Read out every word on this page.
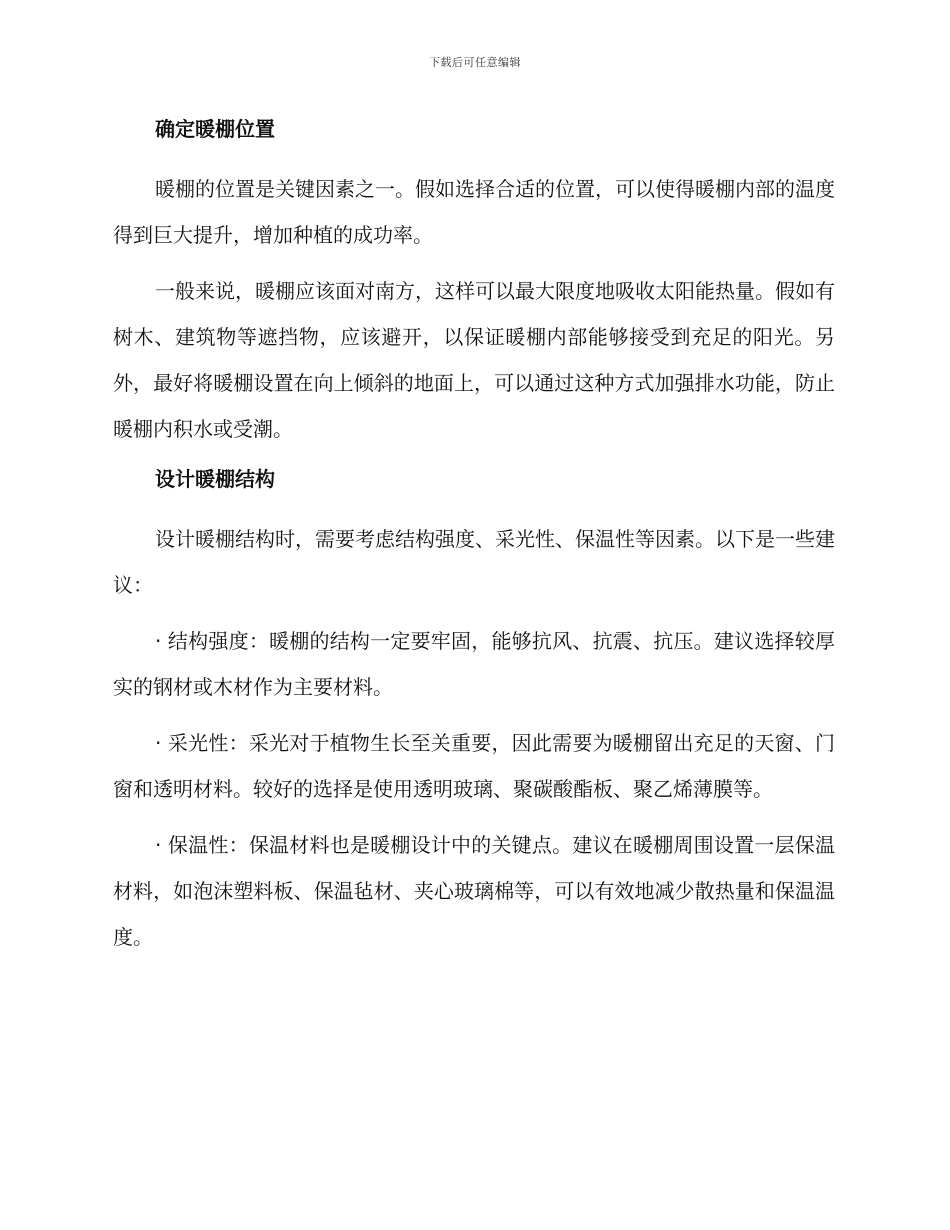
下载后可任意编辑
确定暖棚位置

暖棚的位置是关键因素之一。假如选择合适的位置，可以使得暖棚内部的温度得到巨大提升，增加种植的成功率。

一般来说，暖棚应该面对南方，这样可以最大限度地吸收太阳能热量。假如有树木、建筑物等遮挡物，应该避开，以保证暖棚内部能够接受到充足的阳光。另外，最好将暖棚设置在向上倾斜的地面上，可以通过这种方式加强排水功能，防止暖棚内积水或受潮。

设计暖棚结构

设计暖棚结构时，需要考虑结构强度、采光性、保温性等因素。以下是一些建议：

· 结构强度：暖棚的结构一定要牢固，能够抗风、抗震、抗压。建议选择较厚实的钢材或木材作为主要材料。

· 采光性：采光对于植物生长至关重要，因此需要为暖棚留出充足的天窗、门窗和透明材料。较好的选择是使用透明玻璃、聚碳酸酯板、聚乙烯薄膜等。

· 保温性：保温材料也是暖棚设计中的关键点。建议在暖棚周围设置一层保温材料，如泡沫塑料板、保温毡材、夹心玻璃棉等，可以有效地减少散热量和保温温度。
